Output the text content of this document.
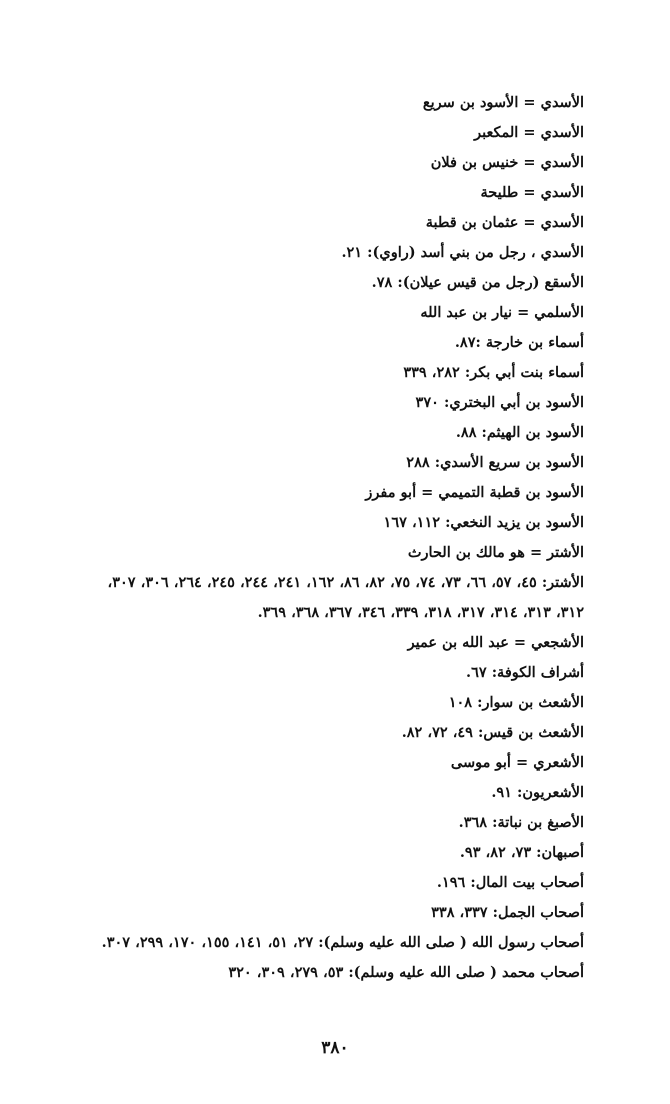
الأسدي = الأسود بن سريع
الأسدي = المكعبر
الأسدي = خنيس بن فلان
الأسدي = طليحة
الأسدي = عثمان بن قطبة
الأسدي ، رجل من بني أسد (راوي): ٢١.
الأسقع (رجل من قيس عيلان): ٧٨.
الأسلمي = نيار بن عبد الله
أسماء بن خارجة :٨٧.
أسماء بنت أبي بكر: ٢٨٢، ٣٣٩
الأسود بن أبي البختري: ٣٧٠
الأسود بن الهيثم: ٨٨.
الأسود بن سريع الأسدي: ٢٨٨
الأسود بن قطبة التميمي = أبو مفرز
الأسود بن يزيد النخعي: ١١٢، ١٦٧
الأشتر = هو مالك بن الحارث
الأشتر: ٤٥، ٥٧، ٦٦، ٧٣، ٧٤، ٧٥، ٨٢، ٨٦، ١٦٢، ٢٤١، ٢٤٤، ٢٤٥، ٢٦٤، ٣٠٦، ٣٠٧،
٣١٢، ٣١٣، ٣١٤، ٣١٧، ٣١٨، ٣٣٩، ٣٤٦، ٣٦٧، ٣٦٨، ٣٦٩.
الأشجعي = عبد الله بن عمير
أشراف الكوفة: ٦٧.
الأشعث بن سوار: ١٠٨
الأشعث بن قيس: ٤٩، ٧٢، ٨٢.
الأشعري = أبو موسى
الأشعريون: ٩١.
الأصبغ بن نباتة: ٣٦٨.
أصبهان: ٧٣، ٨٢، ٩٣.
أصحاب بيت المال: ١٩٦.
أصحاب الجمل: ٣٣٧، ٣٣٨
أصحاب رسول الله ( صلى الله عليه وسلم): ٢٧، ٥١، ١٤١، ١٥٥، ١٧٠، ٢٩٩، ٣٠٧.
أصحاب محمد ( صلى الله عليه وسلم): ٥٣، ٢٧٩، ٣٠٩، ٣٢٠
٣٨٠
